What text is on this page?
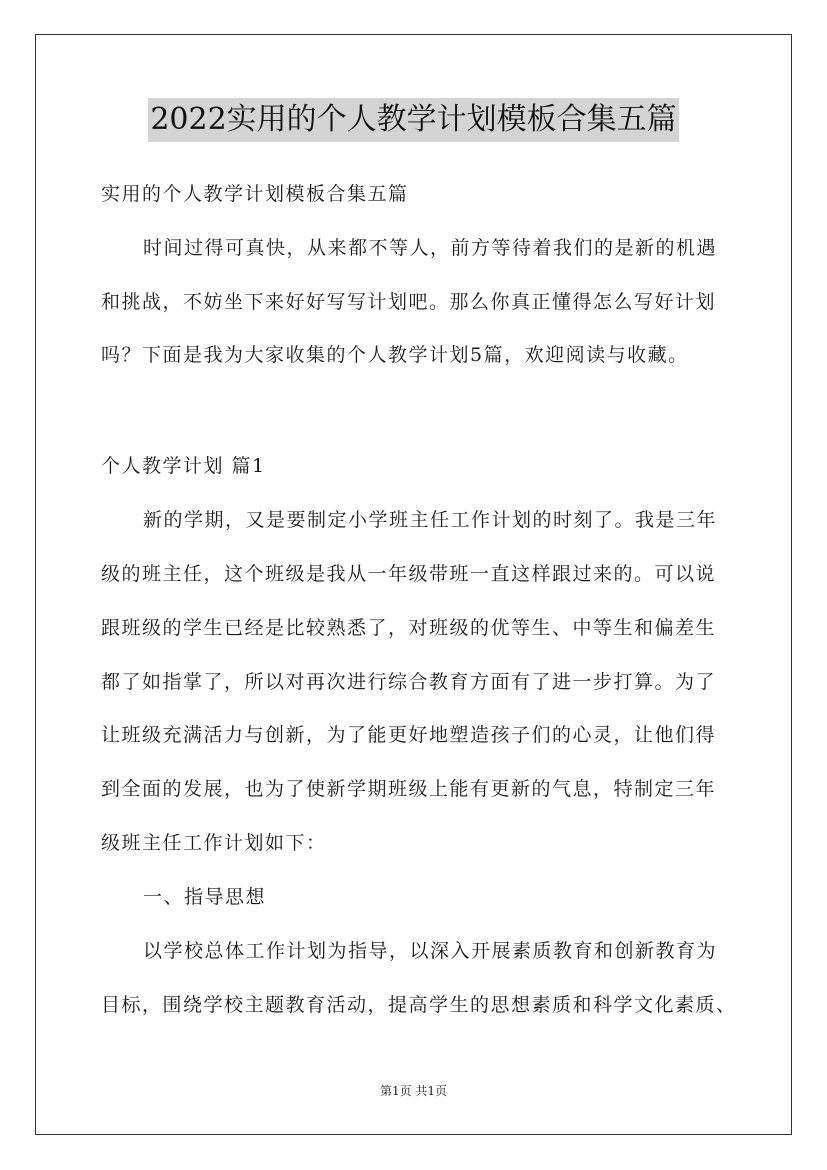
2022实用的个人教学计划模板合集五篇
实用的个人教学计划模板合集五篇
时间过得可真快，从来都不等人，前方等待着我们的是新的机遇
和挑战，不妨坐下来好好写写计划吧。那么你真正懂得怎么写好计划
吗？下面是我为大家收集的个人教学计划5篇，欢迎阅读与收藏。
个人教学计划 篇1
新的学期，又是要制定小学班主任工作计划的时刻了。我是三年
级的班主任，这个班级是我从一年级带班一直这样跟过来的。可以说
跟班级的学生已经是比较熟悉了，对班级的优等生、中等生和偏差生
都了如指掌了，所以对再次进行综合教育方面有了进一步打算。为了
让班级充满活力与创新，为了能更好地塑造孩子们的心灵，让他们得
到全面的发展，也为了使新学期班级上能有更新的气息，特制定三年
级班主任工作计划如下：
一、指导思想
以学校总体工作计划为指导，以深入开展素质教育和创新教育为
目标，围绕学校主题教育活动，提高学生的思想素质和科学文化素质、
第1页 共1页
